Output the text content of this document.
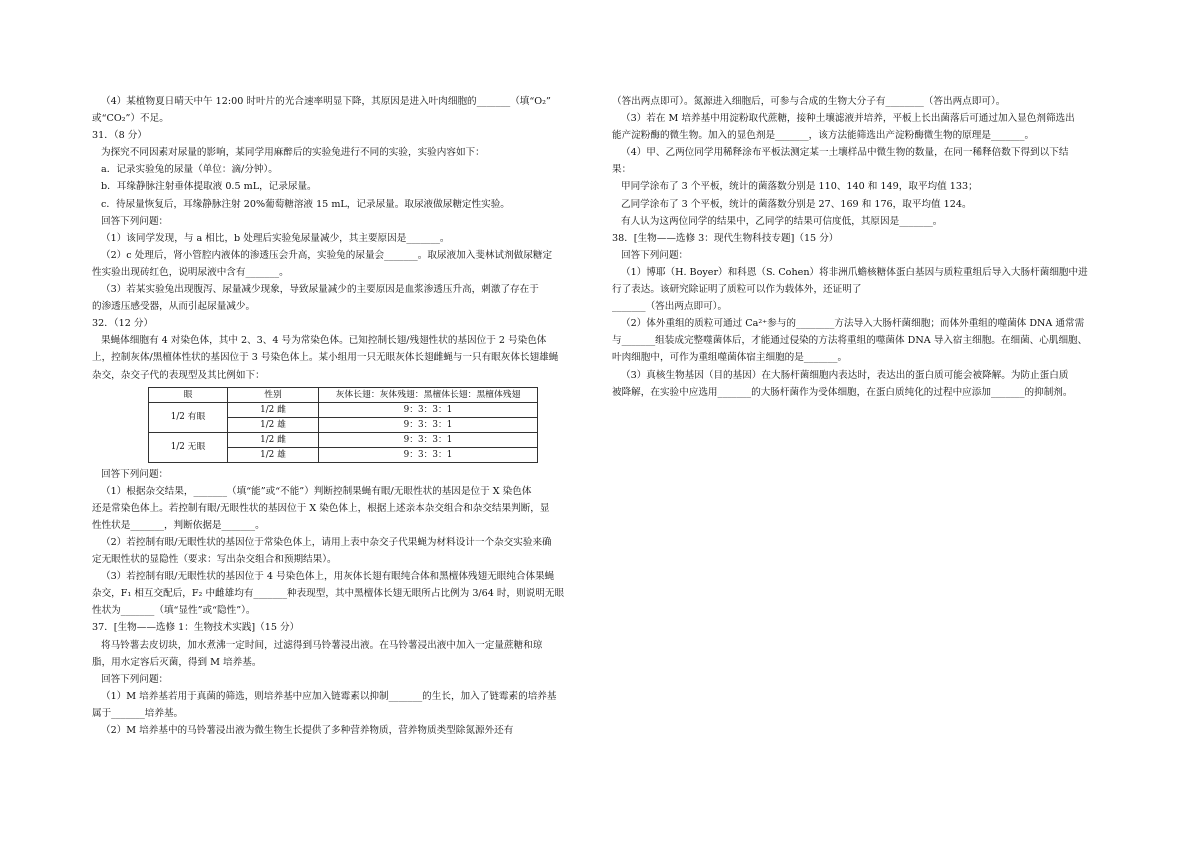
（4）某植物夏日晴天中午 12:00 时叶片的光合速率明显下降，其原因是进入叶肉细胞的_______（填“O₂”

或“CO₂”）不足。

31．（8 分）

为探究不同因素对尿量的影响，某同学用麻醉后的实验兔进行不同的实验，实验内容如下：

a．记录实验兔的尿量（单位：滴/分钟）。

b．耳缘静脉注射垂体提取液 0.5 mL，记录尿量。

c．待尿量恢复后，耳缘静脉注射 20%葡萄糖溶液 15 mL，记录尿量。取尿液做尿糖定性实验。

回答下列问题：

（1）该同学发现，与 a 相比，b 处理后实验兔尿量减少，其主要原因是_______。

（2）c 处理后，肾小管腔内液体的渗透压会升高，实验兔的尿量会_______。取尿液加入斐林试剂做尿糖定

性实验出现砖红色，说明尿液中含有_______。

（3）若某实验兔出现腹泻、尿量减少现象，导致尿量减少的主要原因是血浆渗透压升高，刺激了存在于

的渗透压感受器，从而引起尿量减少。

32．（12 分）

果蝇体细胞有 4 对染色体，其中 2、3、4 号为常染色体。已知控制长翅/残翅性状的基因位于 2 号染色体

上，控制灰体/黑檀体性状的基因位于 3 号染色体上。某小组用一只无眼灰体长翅雌蝇与一只有眼灰体长翅雄蝇

杂交，杂交子代的表现型及其比例如下：

眼	性别	灰体长翅：灰体残翅：黑檀体长翅：黑檀体残翅
1/2 有眼	1/2 雌	9：3：3：1
	1/2 雄	9：3：3：1
1/2 无眼	1/2 雌	9：3：3：1
	1/2 雄	9：3：3：1

回答下列问题：

（1）根据杂交结果，_______（填“能”或“不能”）判断控制果蝇有眼/无眼性状的基因是位于 X 染色体

还是常染色体上。若控制有眼/无眼性状的基因位于 X 染色体上，根据上述亲本杂交组合和杂交结果判断，显

性性状是_______，判断依据是_______。

（2）若控制有眼/无眼性状的基因位于常染色体上，请用上表中杂交子代果蝇为材料设计一个杂交实验来确

定无眼性状的显隐性（要求：写出杂交组合和预期结果）。

（3）若控制有眼/无眼性状的基因位于 4 号染色体上，用灰体长翅有眼纯合体和黑檀体残翅无眼纯合体果蝇

杂交，F₁ 相互交配后，F₂ 中雌雄均有_______种表现型，其中黑檀体长翅无眼所占比例为 3/64 时，则说明无眼

性状为_______（填“显性”或“隐性”）。

37．[生物——选修 1：生物技术实践]（15 分）

将马铃薯去皮切块，加水煮沸一定时间，过滤得到马铃薯浸出液。在马铃薯浸出液中加入一定量蔗糖和琼

脂，用水定容后灭菌，得到 M 培养基。

回答下列问题：

（1）M 培养基若用于真菌的筛选，则培养基中应加入链霉素以抑制_______的生长，加入了链霉素的培养基

属于_______培养基。

（2）M 培养基中的马铃薯浸出液为微生物生长提供了多种营养物质，营养物质类型除氮源外还有

（答出两点即可）。氮源进入细胞后，可参与合成的生物大分子有________（答出两点即可）。

（3）若在 M 培养基中用淀粉取代蔗糖，接种土壤滤液并培养，平板上长出菌落后可通过加入显色剂筛选出

能产淀粉酶的微生物。加入的显色剂是_______，该方法能筛选出产淀粉酶微生物的原理是_______。

（4）甲、乙两位同学用稀释涂布平板法测定某一土壤样品中微生物的数量，在同一稀释倍数下得到以下结

果：

甲同学涂布了 3 个平板，统计的菌落数分别是 110、140 和 149，取平均值 133；

乙同学涂布了 3 个平板，统计的菌落数分别是 27、169 和 176，取平均值 124。

有人认为这两位同学的结果中，乙同学的结果可信度低，其原因是_______。

38．[生物——选修 3：现代生物科技专题]（15 分）

回答下列问题：

（1）博耶（H. Boyer）和科恩（S. Cohen）将非洲爪蟾核糖体蛋白基因与质粒重组后导入大肠杆菌细胞中进

行了表达。该研究除证明了质粒可以作为载体外，还证明了

_______（答出两点即可）。

（2）体外重组的质粒可通过 Ca²⁺参与的________方法导入大肠杆菌细胞；而体外重组的噬菌体 DNA 通常需

与_______组装成完整噬菌体后，才能通过侵染的方法将重组的噬菌体 DNA 导入宿主细胞。在细菌、心肌细胞、

叶肉细胞中，可作为重组噬菌体宿主细胞的是_______。

（3）真核生物基因（目的基因）在大肠杆菌细胞内表达时，表达出的蛋白质可能会被降解。为防止蛋白质

被降解，在实验中应选用_______的大肠杆菌作为受体细胞，在蛋白质纯化的过程中应添加_______的抑制剂。
